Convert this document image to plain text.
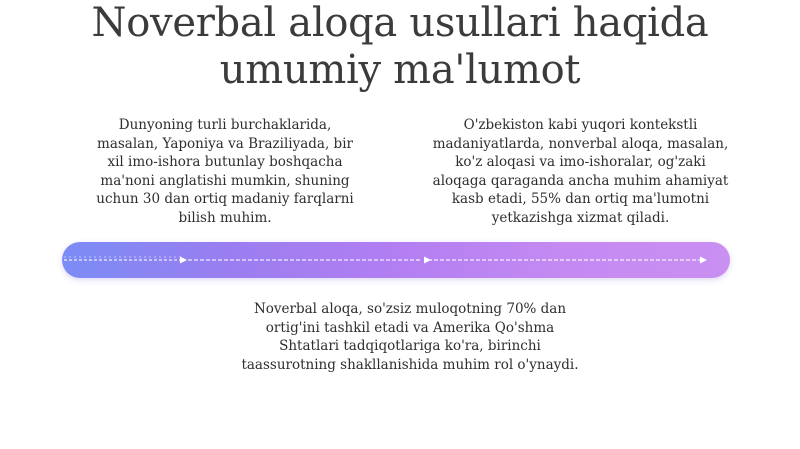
Noverbal aloqa usullari haqida
umumiy ma'lumot
Dunyoning turli burchaklarida,
masalan, Yaponiya va Braziliyada, bir
xil imo-ishora butunlay boshqacha
ma'noni anglatishi mumkin, shuning
uchun 30 dan ortiq madaniy farqlarni
bilish muhim.
O'zbekiston kabi yuqori kontekstli
madaniyatlarda, nonverbal aloqa, masalan,
ko'z aloqasi va imo-ishoralar, og'zaki
aloqaga qaraganda ancha muhim ahamiyat
kasb etadi, 55% dan ortiq ma'lumotni
yetkazishga xizmat qiladi.
Noverbal aloqa, so'zsiz muloqotning 70% dan
ortig'ini tashkil etadi va Amerika Qo'shma
Shtatlari tadqiqotlariga ko'ra, birinchi
taassurotning shakllanishida muhim rol o'ynaydi.
